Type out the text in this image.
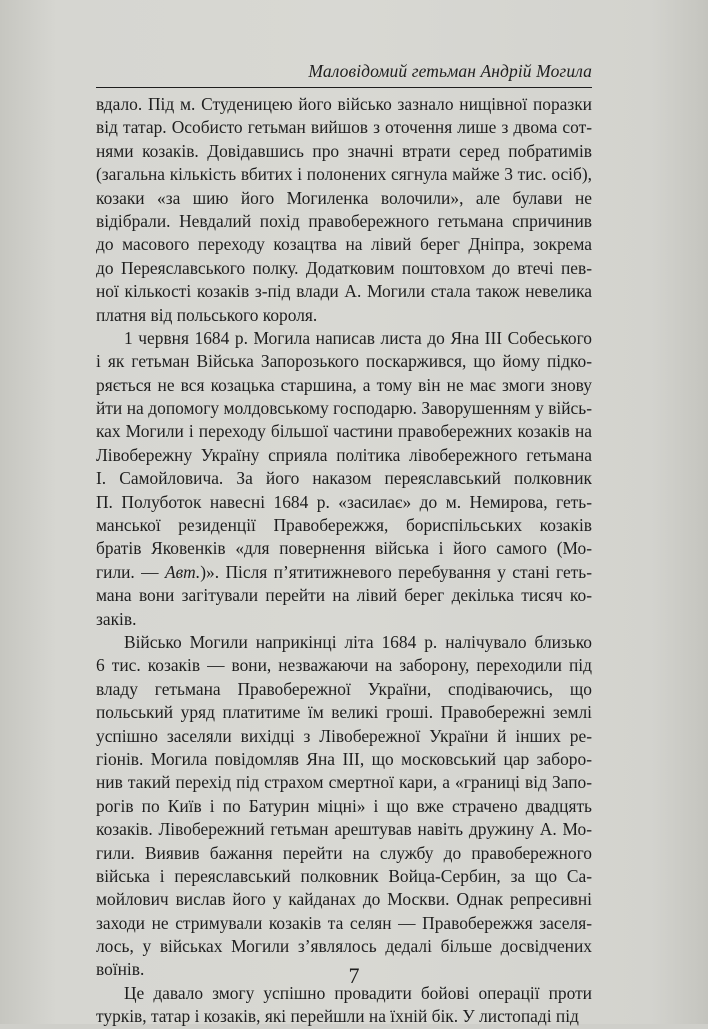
Маловідомий гетьман Андрій Могила
вдало. Під м. Студеницею його військо зазнало нищівної поразки
від татар. Особисто гетьман вийшов з оточення лише з двома сот-
нями козаків. Довідавшись про значні втрати серед побратимів
(загальна кількість вбитих і полонених сягнула майже 3 тис. осіб),
козаки «за шию його Могиленка волочили», але булави не
відібрали. Невдалий похід правобережного гетьмана спричинив
до масового переходу козацтва на лівий берег Дніпра, зокрема
до Переяславського полку. Додатковим поштовхом до втечі пев-
ної кількості козаків з-під влади А. Могили стала також невелика
платня від польського короля.
1 червня 1684 р. Могила написав листа до Яна III Собеського
і як гетьман Війська Запорозького поскаржився, що йому підко-
ряється не вся козацька старшина, а тому він не має змоги знову
йти на допомогу молдовському господарю. Заворушенням у війсь-
ках Могили і переходу більшої частини правобережних козаків на
Лівобережну Україну сприяла політика лівобережного гетьмана
І. Самойловича. За його наказом переяславський полковник
П. Полуботок навесні 1684 р. «засилає» до м. Немирова, геть-
манської резиденції Правобережжя, бориспільських козаків
братів Яковенків «для повернення війська і його самого (Мо-
гили. — Авт.)». Після п’ятитижневого перебування у стані геть-
мана вони загітували перейти на лівий берег декілька тисяч ко-
заків.
Військо Могили наприкінці літа 1684 р. налічувало близько
6 тис. козаків — вони, незважаючи на заборону, переходили під
владу гетьмана Правобережної України, сподіваючись, що
польський уряд платитиме їм великі гроші. Правобережні землі
успішно заселяли вихідці з Лівобережної України й інших ре-
гіонів. Могила повідомляв Яна III, що московський цар заборо-
нив такий перехід під страхом смертної кари, а «границі від Запо-
рогів по Київ і по Батурин міцні» і що вже страчено двадцять
козаків. Лівобережний гетьман арештував навіть дружину А. Мо-
гили. Виявив бажання перейти на службу до правобережного
війська і переяславський полковник Войца-Сербин, за що Са-
мойлович вислав його у кайданах до Москви. Однак репресивні
заходи не стримували козаків та селян — Правобережжя заселя-
лось, у військах Могили з’являлось дедалі більше досвідчених
воїнів.
Це давало змогу успішно провадити бойові операції проти
турків, татар і козаків, які перейшли на їхній бік. У листопаді під
7
